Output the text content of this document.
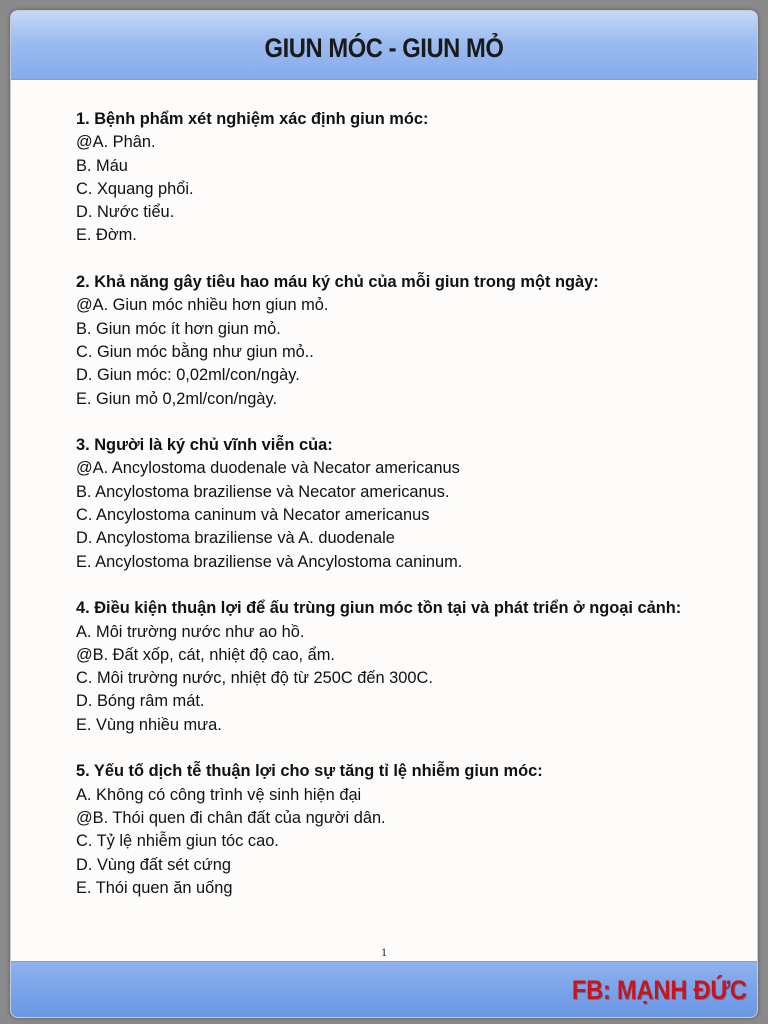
GIUN MÓC - GIUN MỎ
1. Bệnh phẩm xét nghiệm xác định giun móc:
@A. Phân.
B. Máu
C. Xquang phổi.
D. Nước tiểu.
E. Đờm.
2. Khả năng gây tiêu hao máu ký chủ của mỗi giun trong một ngày:
@A. Giun móc nhiều hơn giun mỏ.
B. Giun móc ít hơn giun mỏ.
C. Giun móc bằng như giun mỏ..
D. Giun móc: 0,02ml/con/ngày.
E. Giun mỏ 0,2ml/con/ngày.
3. Người là ký chủ vĩnh viễn của:
@A. Ancylostoma duodenale và Necator americanus
B. Ancylostoma braziliense và Necator americanus.
C. Ancylostoma caninum và Necator americanus
D. Ancylostoma braziliense và A. duodenale
E. Ancylostoma braziliense và Ancylostoma caninum.
4. Điều kiện thuận lợi để ấu trùng giun móc tồn tại và phát triển ở ngoại cảnh:
A. Môi trường nước như ao hồ.
@B. Đất xốp, cát, nhiệt độ cao, ẩm.
C. Môi trường nước, nhiệt độ từ 250C đến 300C.
D. Bóng râm mát.
E. Vùng nhiều mưa.
5. Yếu tố dịch tễ thuận lợi cho sự tăng tỉ lệ nhiễm giun móc:
A. Không có công trình vệ sinh hiện đại
@B. Thói quen đi chân đất của người dân.
C. Tỷ lệ nhiễm giun tóc cao.
D. Vùng đất sét cứng
E. Thói quen ăn uống
1
FB: MẠNH ĐỨC
